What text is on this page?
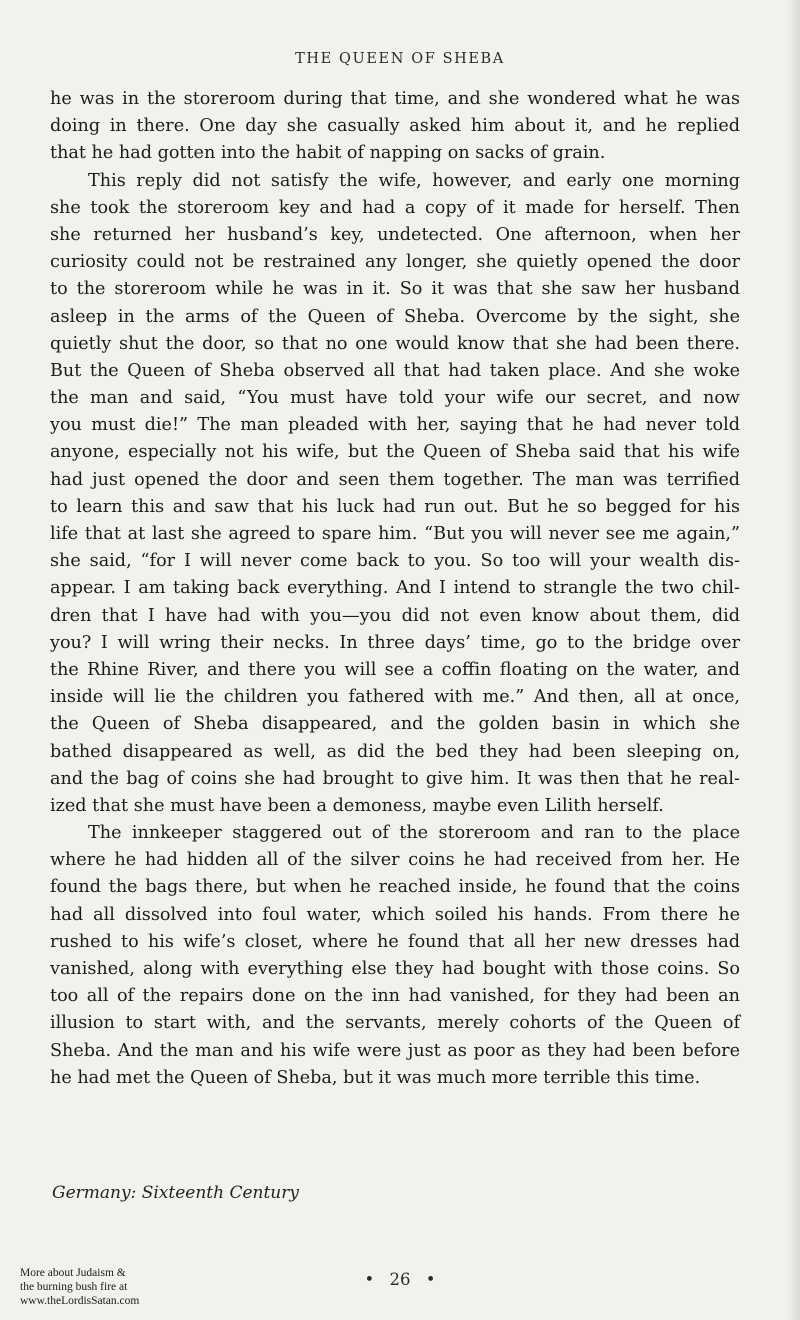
THE QUEEN OF SHEBA
he was in the storeroom during that time, and she wondered what he was
doing in there. One day she casually asked him about it, and he replied
that he had gotten into the habit of napping on sacks of grain.
This reply did not satisfy the wife, however, and early one morning
she took the storeroom key and had a copy of it made for herself. Then
she returned her husband’s key, undetected. One afternoon, when her
curiosity could not be restrained any longer, she quietly opened the door
to the storeroom while he was in it. So it was that she saw her husband
asleep in the arms of the Queen of Sheba. Overcome by the sight, she
quietly shut the door, so that no one would know that she had been there.
But the Queen of Sheba observed all that had taken place. And she woke
the man and said, “You must have told your wife our secret, and now
you must die!” The man pleaded with her, saying that he had never told
anyone, especially not his wife, but the Queen of Sheba said that his wife
had just opened the door and seen them together. The man was terrified
to learn this and saw that his luck had run out. But he so begged for his
life that at last she agreed to spare him. “But you will never see me again,”
she said, “for I will never come back to you. So too will your wealth dis-
appear. I am taking back everything. And I intend to strangle the two chil-
dren that I have had with you—you did not even know about them, did
you? I will wring their necks. In three days’ time, go to the bridge over
the Rhine River, and there you will see a coffin floating on the water, and
inside will lie the children you fathered with me.” And then, all at once,
the Queen of Sheba disappeared, and the golden basin in which she
bathed disappeared as well, as did the bed they had been sleeping on,
and the bag of coins she had brought to give him. It was then that he real-
ized that she must have been a demoness, maybe even Lilith herself.
The innkeeper staggered out of the storeroom and ran to the place
where he had hidden all of the silver coins he had received from her. He
found the bags there, but when he reached inside, he found that the coins
had all dissolved into foul water, which soiled his hands. From there he
rushed to his wife’s closet, where he found that all her new dresses had
vanished, along with everything else they had bought with those coins. So
too all of the repairs done on the inn had vanished, for they had been an
illusion to start with, and the servants, merely cohorts of the Queen of
Sheba. And the man and his wife were just as poor as they had been before
he had met the Queen of Sheba, but it was much more terrible this time.
Germany: Sixteenth Century
• 26 •
More about Judaism &
the burning bush fire at
www.theLordisSatan.com
